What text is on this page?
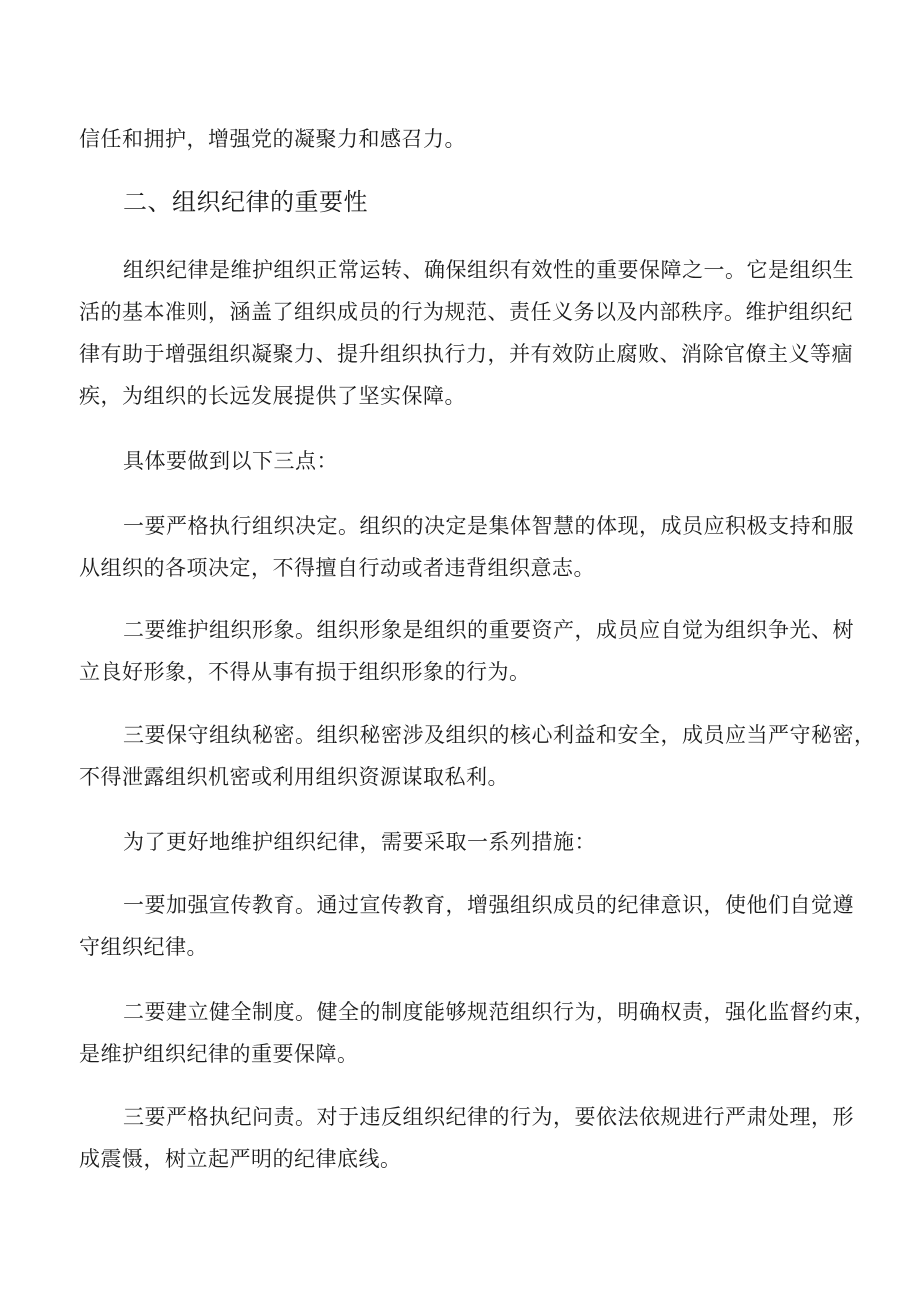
信任和拥护，增强党的凝聚力和感召力。
二、组织纪律的重要性
组织纪律是维护组织正常运转、确保组织有效性的重要保障之一。它是组织生
活的基本准则，涵盖了组织成员的行为规范、责任义务以及内部秩序。维护组织纪
律有助于增强组织凝聚力、提升组织执行力，并有效防止腐败、消除官僚主义等痼
疾，为组织的长远发展提供了坚实保障。
具体要做到以下三点：
一要严格执行组织决定。组织的决定是集体智慧的体现，成员应积极支持和服
从组织的各项决定，不得擅自行动或者违背组织意志。
二要维护组织形象。组织形象是组织的重要资产，成员应自觉为组织争光、树
立良好形象，不得从事有损于组织形象的行为。
三要保守组纨秘密。组织秘密涉及组织的核心利益和安全，成员应当严守秘密，
不得泄露组织机密或利用组织资源谋取私利。
为了更好地维护组织纪律，需要采取一系列措施：
一要加强宣传教育。通过宣传教育，增强组织成员的纪律意识，使他们自觉遵
守组织纪律。
二要建立健全制度。健全的制度能够规范组织行为，明确权责，强化监督约束，
是维护组织纪律的重要保障。
三要严格执纪问责。对于违反组织纪律的行为，要依法依规进行严肃处理，形
成震慑，树立起严明的纪律底线。
